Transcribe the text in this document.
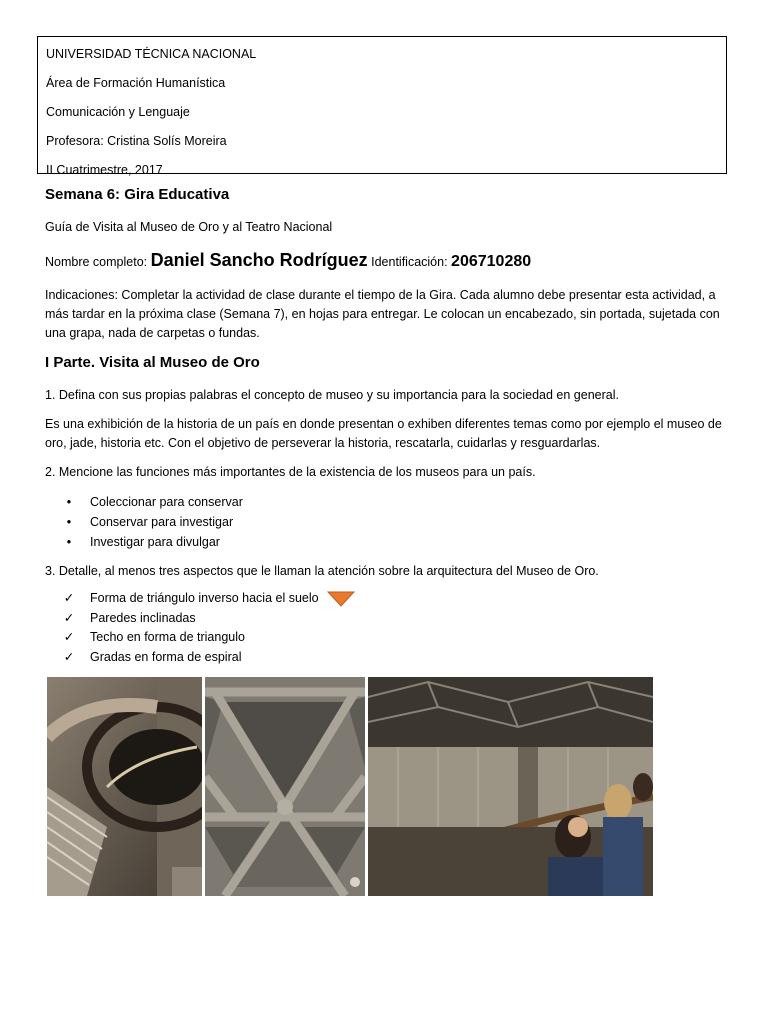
UNIVERSIDAD TÉCNICA NACIONAL
Área de Formación Humanística
Comunicación y Lenguaje
Profesora: Cristina Solís Moreira
II Cuatrimestre, 2017
Semana 6: Gira Educativa
Guía de Visita al Museo de Oro y al Teatro Nacional
Nombre completo: Daniel Sancho Rodríguez Identificación: 206710280
Indicaciones: Completar la actividad de clase durante el tiempo de la Gira. Cada alumno debe presentar esta actividad, a más tardar en la próxima clase (Semana 7), en hojas para entregar. Le colocan un encabezado, sin portada, sujetada con una grapa, nada de carpetas o fundas.
I Parte. Visita al Museo de Oro
1. Defina con sus propias palabras el concepto de museo y su importancia para la sociedad en general.
Es una exhibición de la historia de un país en donde presentan o exhiben diferentes temas como por ejemplo el museo de oro, jade, historia etc. Con el objetivo de perseverar la historia, rescatarla, cuidarlas y resguardarlas.
2. Mencione las funciones más importantes de la existencia de los museos para un país.
•	Coleccionar para conservar
•	Conservar para investigar
•	Investigar para divulgar
3. Detalle, al menos tres aspectos que le llaman la atención sobre la arquitectura del Museo de Oro.
✓ Forma de triángulo inverso hacia el suelo
✓ Paredes inclinadas
✓ Techo en forma de triangulo
✓ Gradas en forma de espiral
